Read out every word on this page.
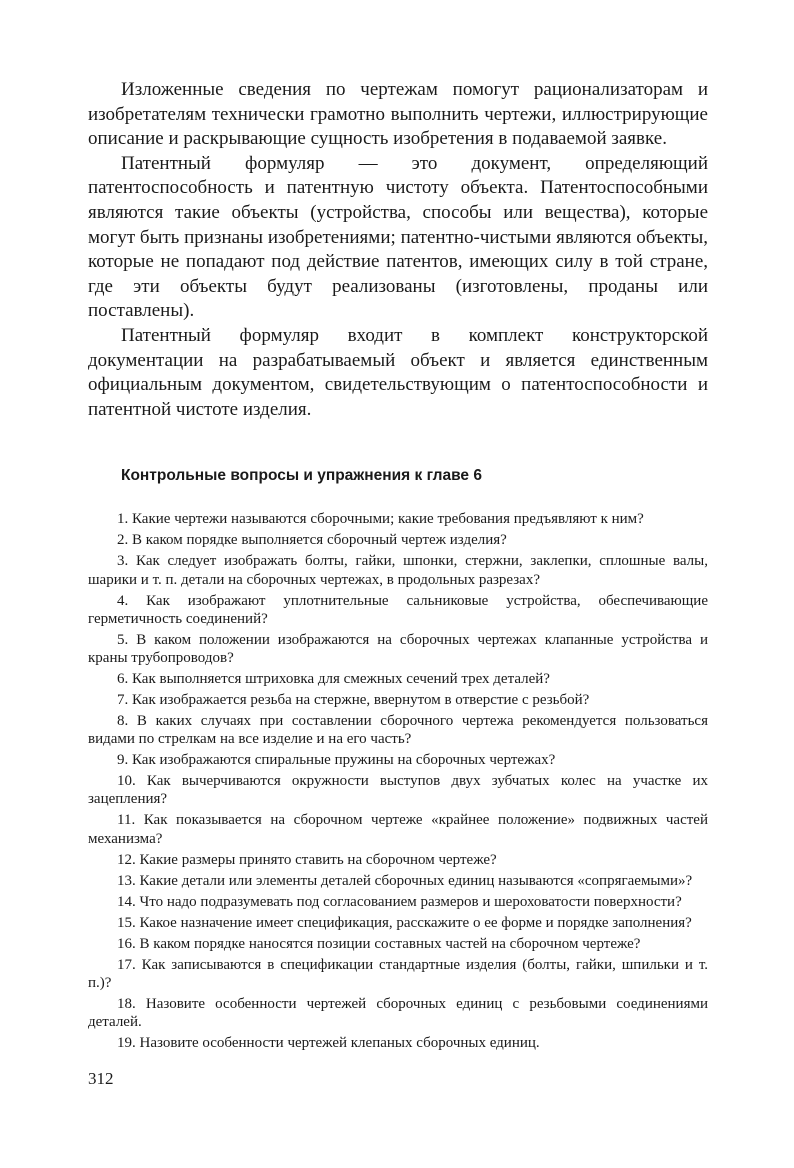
Изложенные сведения по чертежам помогут рационализаторам и изобретателям технически грамотно выполнить чертежи, иллюстрирующие описание и раскрывающие сущность изобретения в подаваемой заявке.

Патентный формуляр — это документ, определяющий патентоспособность и патентную чистоту объекта. Патентоспособными являются такие объекты (устройства, способы или вещества), которые могут быть признаны изобретениями; патентно-чистыми являются объекты, которые не попадают под действие патентов, имеющих силу в той стране, где эти объекты будут реализованы (изготовлены, проданы или поставлены).

Патентный формуляр входит в комплект конструкторской документации на разрабатываемый объект и является единственным официальным документом, свидетельствующим о патентоспособности и патентной чистоте изделия.

Контрольные вопросы и упражнения к главе 6
1. Какие чертежи называются сборочными; какие требования предъявляют к ним?
2. В каком порядке выполняется сборочный чертеж изделия?
3. Как следует изображать болты, гайки, шпонки, стержни, заклепки, сплошные валы, шарики и т. п. детали на сборочных чертежах, в продольных разрезах?
4. Как изображают уплотнительные сальниковые устройства, обеспечивающие герметичность соединений?
5. В каком положении изображаются на сборочных чертежах клапанные устройства и краны трубопроводов?
6. Как выполняется штриховка для смежных сечений трех деталей?
7. Как изображается резьба на стержне, ввернутом в отверстие с резьбой?
8. В каких случаях при составлении сборочного чертежа рекомендуется пользоваться видами по стрелкам на все изделие и на его часть?
9. Как изображаются спиральные пружины на сборочных чертежах?
10. Как вычерчиваются окружности выступов двух зубчатых колес на участке их зацепления?
11. Как показывается на сборочном чертеже «крайнее положение» подвижных частей механизма?
12. Какие размеры принято ставить на сборочном чертеже?
13. Какие детали или элементы деталей сборочных единиц называются «сопрягаемыми»?
14. Что надо подразумевать под согласованием размеров и шероховатости поверхности?
15. Какое назначение имеет спецификация, расскажите о ее форме и порядке заполнения?
16. В каком порядке наносятся позиции составных частей на сборочном чертеже?
17. Как записываются в спецификации стандартные изделия (болты, гайки, шпильки и т. п.)?
18. Назовите особенности чертежей сборочных единиц с резьбовыми соединениями деталей.
19. Назовите особенности чертежей клепаных сборочных единиц.
312
